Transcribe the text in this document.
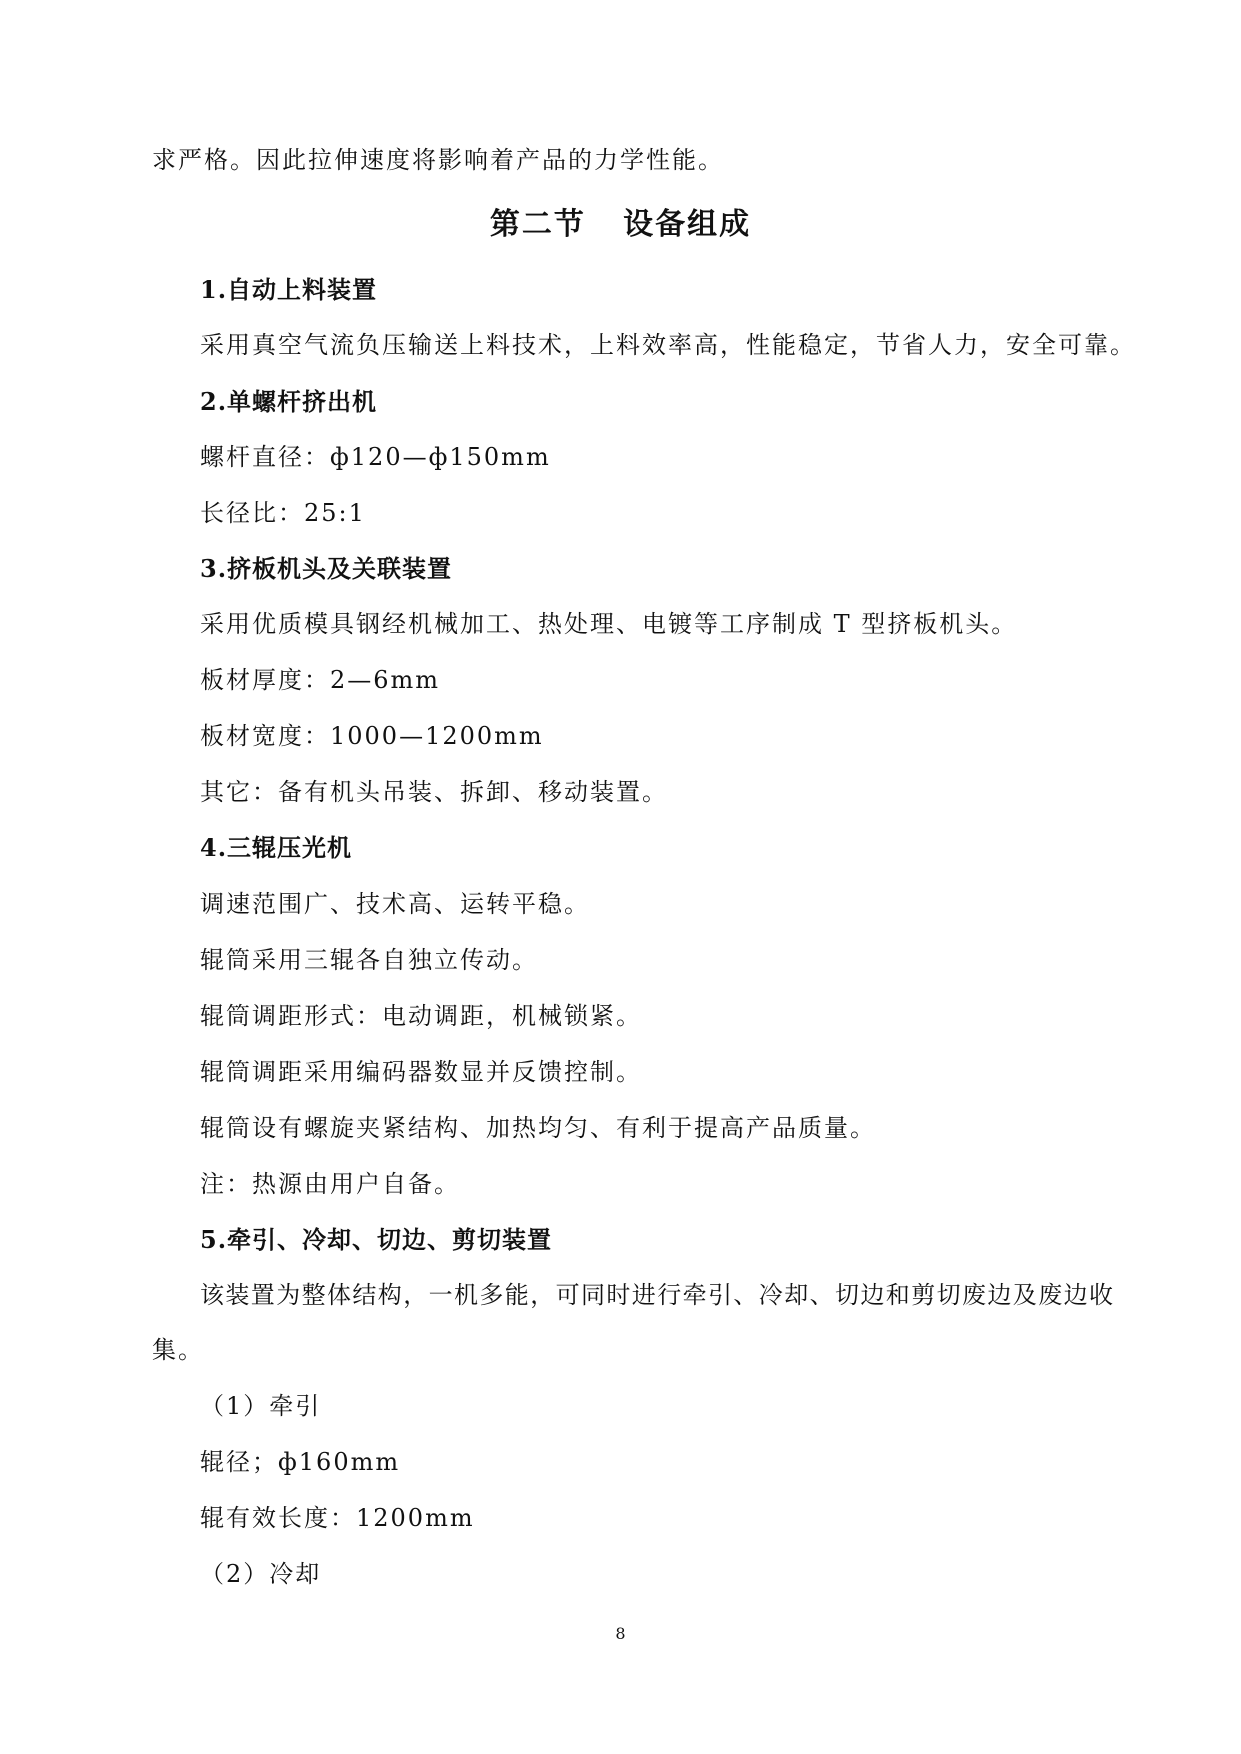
求严格。因此拉伸速度将影响着产品的力学性能。
第二节   设备组成
1.自动上料装置
采用真空气流负压输送上料技术，上料效率高，性能稳定，节省人力，安全可靠。
2.单螺杆挤出机
螺杆直径：ф120—ф150mm
长径比：25:1
3.挤板机头及关联装置
采用优质模具钢经机械加工、热处理、电镀等工序制成 T 型挤板机头。
板材厚度：2—6mm
板材宽度：1000—1200mm
其它：备有机头吊装、拆卸、移动装置。
4.三辊压光机
调速范围广、技术高、运转平稳。
辊筒采用三辊各自独立传动。
辊筒调距形式：电动调距，机械锁紧。
辊筒调距采用编码器数显并反馈控制。
辊筒设有螺旋夹紧结构、加热均匀、有利于提高产品质量。
注：热源由用户自备。
5.牵引、冷却、切边、剪切装置
该装置为整体结构，一机多能，可同时进行牵引、冷却、切边和剪切废边及废边收
集。
（1）牵引
辊径；ф160mm
辊有效长度：1200mm
（2）冷却
8
